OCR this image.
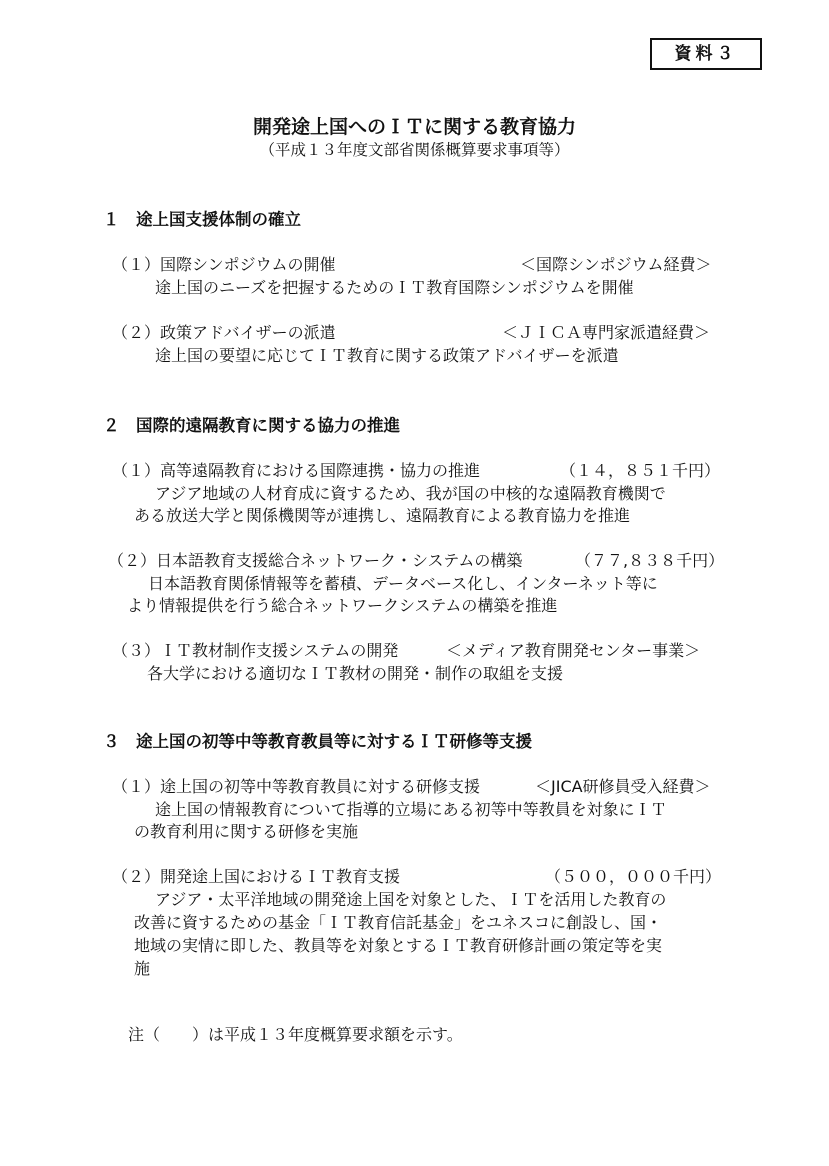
資料３
開発途上国へのＩＴに関する教育協力
（平成１３年度文部省関係概算要求事項等）
１　途上国支援体制の確立
（１）国際シンポジウムの開催	＜国際シンポジウム経費＞
途上国のニーズを把握するためのＩＴ教育国際シンポジウムを開催
（２）政策アドバイザーの派遣	＜ＪＩＣＡ専門家派遣経費＞
途上国の要望に応じてＩＴ教育に関する政策アドバイザーを派遣
２　国際的遠隔教育に関する協力の推進
（１）高等遠隔教育における国際連携・協力の推進	（１４，８５１千円）
アジア地域の人材育成に資するため、我が国の中核的な遠隔教育機関で
ある放送大学と関係機関等が連携し、遠隔教育による教育協力を推進
（２）日本語教育支援総合ネットワーク・システムの構築	（７７,８３８千円）
日本語教育関係情報等を蓄積、データベース化し、インターネット等に
より情報提供を行う総合ネットワークシステムの構築を推進
（３）ＩＴ教材制作支援システムの開発	＜メディア教育開発センター事業＞
各大学における適切なＩＴ教材の開発・制作の取組を支援
３　途上国の初等中等教育教員等に対するＩＴ研修等支援
（１）途上国の初等中等教育教員に対する研修支援	＜JICA研修員受入経費＞
途上国の情報教育について指導的立場にある初等中等教員を対象にＩＴ
の教育利用に関する研修を実施
（２）開発途上国におけるＩＴ教育支援	（５００，０００千円）
アジア・太平洋地域の開発途上国を対象とした、ＩＴを活用した教育の
改善に資するための基金「ＩＴ教育信託基金」をユネスコに創設し、国・
地域の実情に即した、教員等を対象とするＩＴ教育研修計画の策定等を実
施
注（　　）は平成１３年度概算要求額を示す。
